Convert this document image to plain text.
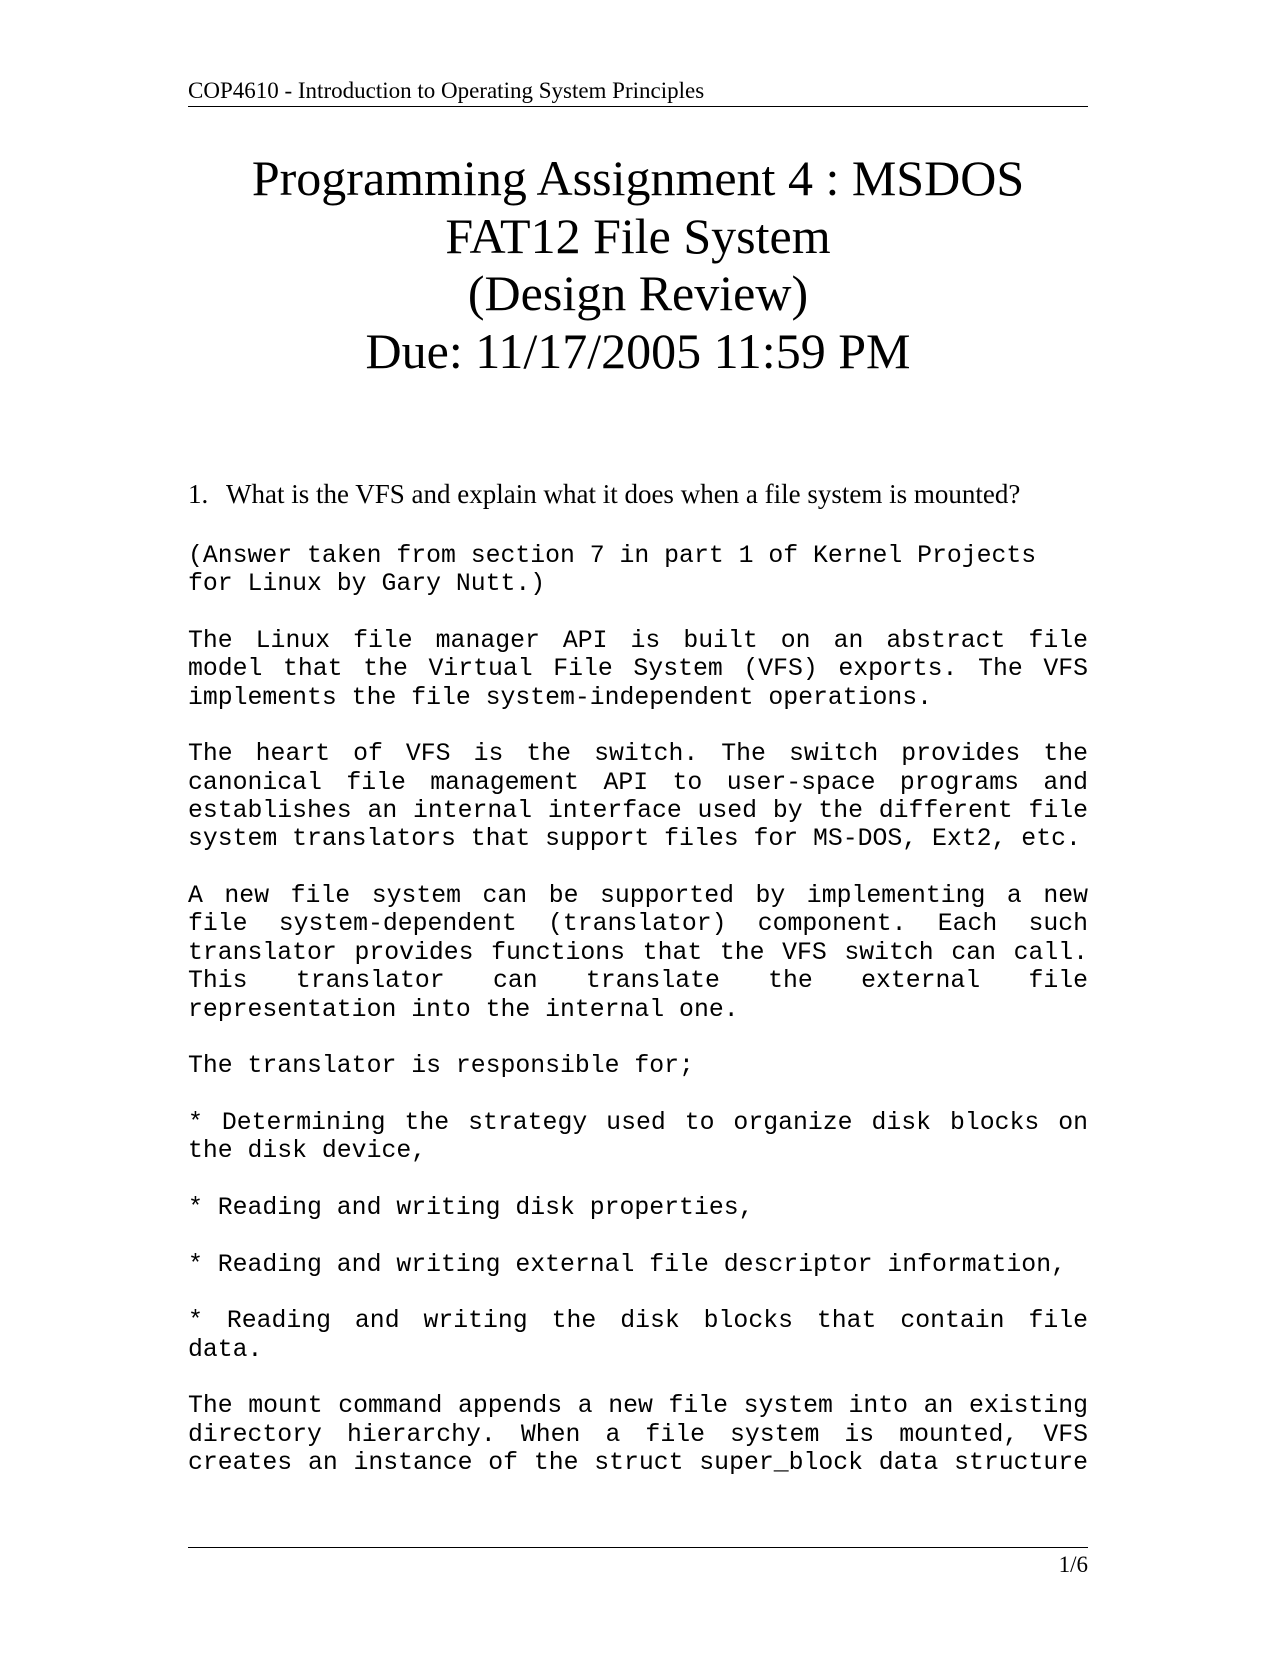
COP4610 - Introduction to Operating System Principles
Programming Assignment 4 : MSDOS
FAT12 File System
(Design Review)
Due: 11/17/2005 11:59 PM
1. What is the VFS and explain what it does when a file system is mounted?
(Answer taken from section 7 in part 1 of Kernel Projects
for Linux by Gary Nutt.)
The Linux file manager API is built on an abstract file
model that the Virtual File System (VFS) exports. The VFS
implements the file system-independent operations.
The heart of VFS is the switch. The switch provides the
canonical file management API to user-space programs and
establishes an internal interface used by the different file
system translators that support files for MS-DOS, Ext2, etc.
A new file system can be supported by implementing a new
file system-dependent (translator) component. Each such
translator provides functions that the VFS switch can call.
This translator can translate the external file
representation into the internal one.
The translator is responsible for;
* Determining the strategy used to organize disk blocks on
the disk device,
* Reading and writing disk properties,
* Reading and writing external file descriptor information,
* Reading and writing the disk blocks that contain file
data.
The mount command appends a new file system into an existing
directory hierarchy. When a file system is mounted, VFS
creates an instance of the struct super_block data structure
1/6
